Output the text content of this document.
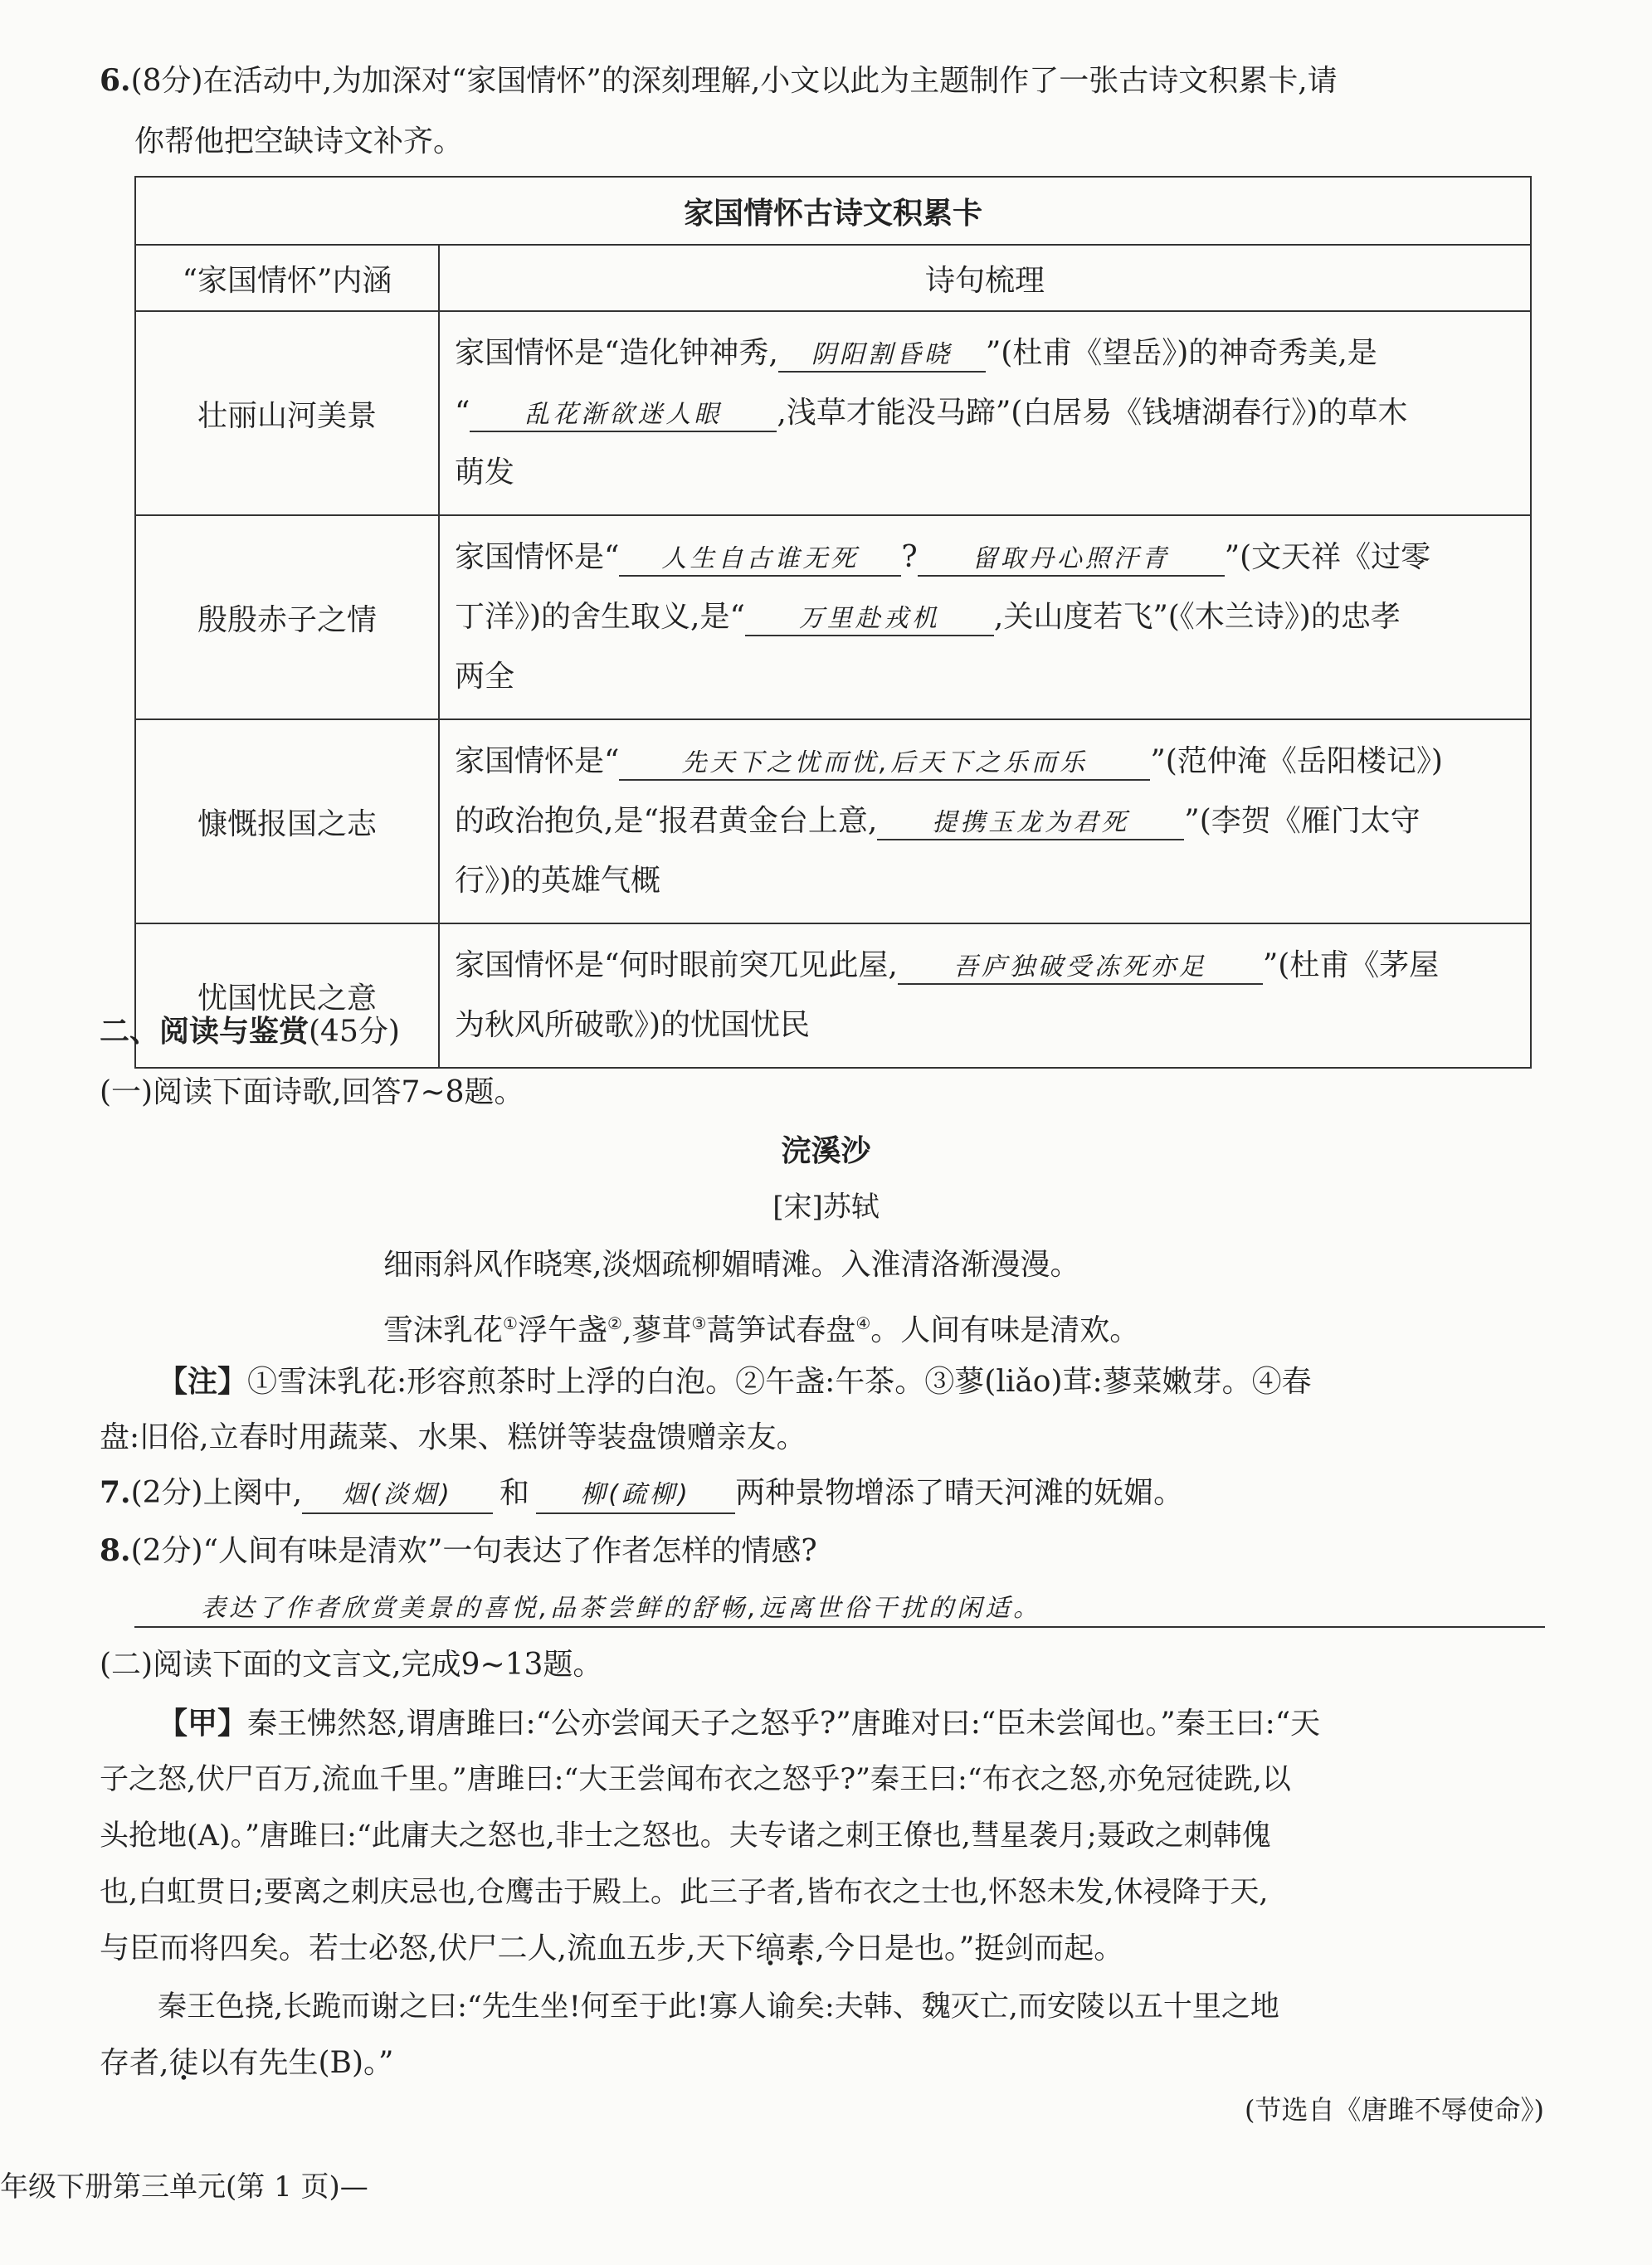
6.(8分)在活动中,为加深对“家国情怀”的深刻理解,小文以此为主题制作了一张古诗文积累卡,请
你帮他把空缺诗文补齐。
家国情怀古诗文积累卡	
“家国情怀”内涵	诗句梳理
壮丽山河美景	家国情怀是“造化钟神秀, 阴阳割昏晓 ”(杜甫《望岳》)的神奇秀美,是
“ 乱花渐欲迷人眼 ,浅草才能没马蹄”(白居易《钱塘湖春行》)的草木
萌发

殷殷赤子之情	家国情怀是“ 人生自古谁无死 ? 留取丹心照汗青 ”(文天祥《过零
丁洋》)的舍生取义,是“ 万里赴戎机 ,关山度若飞”(《木兰诗》)的忠孝
两全

慷慨报国之志	家国情怀是“ 先天下之忧而忧,后天下之乐而乐 ”(范仲淹《岳阳楼记》)
的政治抱负,是“报君黄金台上意, 提携玉龙为君死 ”(李贺《雁门太守
行》)的英雄气概

忧国忧民之意	家国情怀是“何时眼前突兀见此屋, 吾庐独破受冻死亦足 ”(杜甫《茅屋
为秋风所破歌》)的忧国忧民
二、阅读与鉴赏(45分)
(一)阅读下面诗歌,回答7~8题。
浣溪沙
[宋]苏轼
细雨斜风作晓寒,淡烟疏柳媚晴滩。入淮清洛渐漫漫。
雪沫乳花①浮午盏②,蓼茸③蒿笋试春盘④。人间有味是清欢。
【注】①雪沫乳花:形容煎茶时上浮的白泡。②午盏:午茶。③蓼(liǎo)茸:蓼菜嫩芽。④春
盘:旧俗,立春时用蔬菜、水果、糕饼等装盘馈赠亲友。
7.(2分)上阕中, 烟(淡烟) 和 柳(疏柳) 两种景物增添了晴天河滩的妩媚。
8.(2分)“人间有味是清欢”一句表达了作者怎样的情感?
表达了作者欣赏美景的喜悦,品茶尝鲜的舒畅,远离世俗干扰的闲适。
(二)阅读下面的文言文,完成9~13题。
【甲】秦王怫然怒,谓唐雎曰:“公亦尝闻天子之怒乎?”唐雎对曰:“臣未尝闻也。”秦王曰:“天
子之怒,伏尸百万,流血千里。”唐雎曰:“大王尝闻布衣之怒乎?”秦王曰:“布衣之怒,亦免冠徒跣,以
头抢地(A)。”唐雎曰:“此庸夫之怒也,非士之怒也。夫专诸之刺王僚也,彗星袭月;聂政之刺韩傀
也,白虹贯日;要离之刺庆忌也,仓鹰击于殿上。此三子者,皆布衣之士也,怀怒未发,休祲降于天,
与臣而将四矣。若士必怒,伏尸二人,流血五步,天下缟素,今日是也。”挺剑而起。
秦王色挠,长跪而谢之曰:“先生坐!何至于此!寡人谕矣:夫韩、魏灭亡,而安陵以五十里之地
存者,徒以有先生(B)。”
(节选自《唐雎不辱使命》)
年级下册第三单元(第 1 页)—
